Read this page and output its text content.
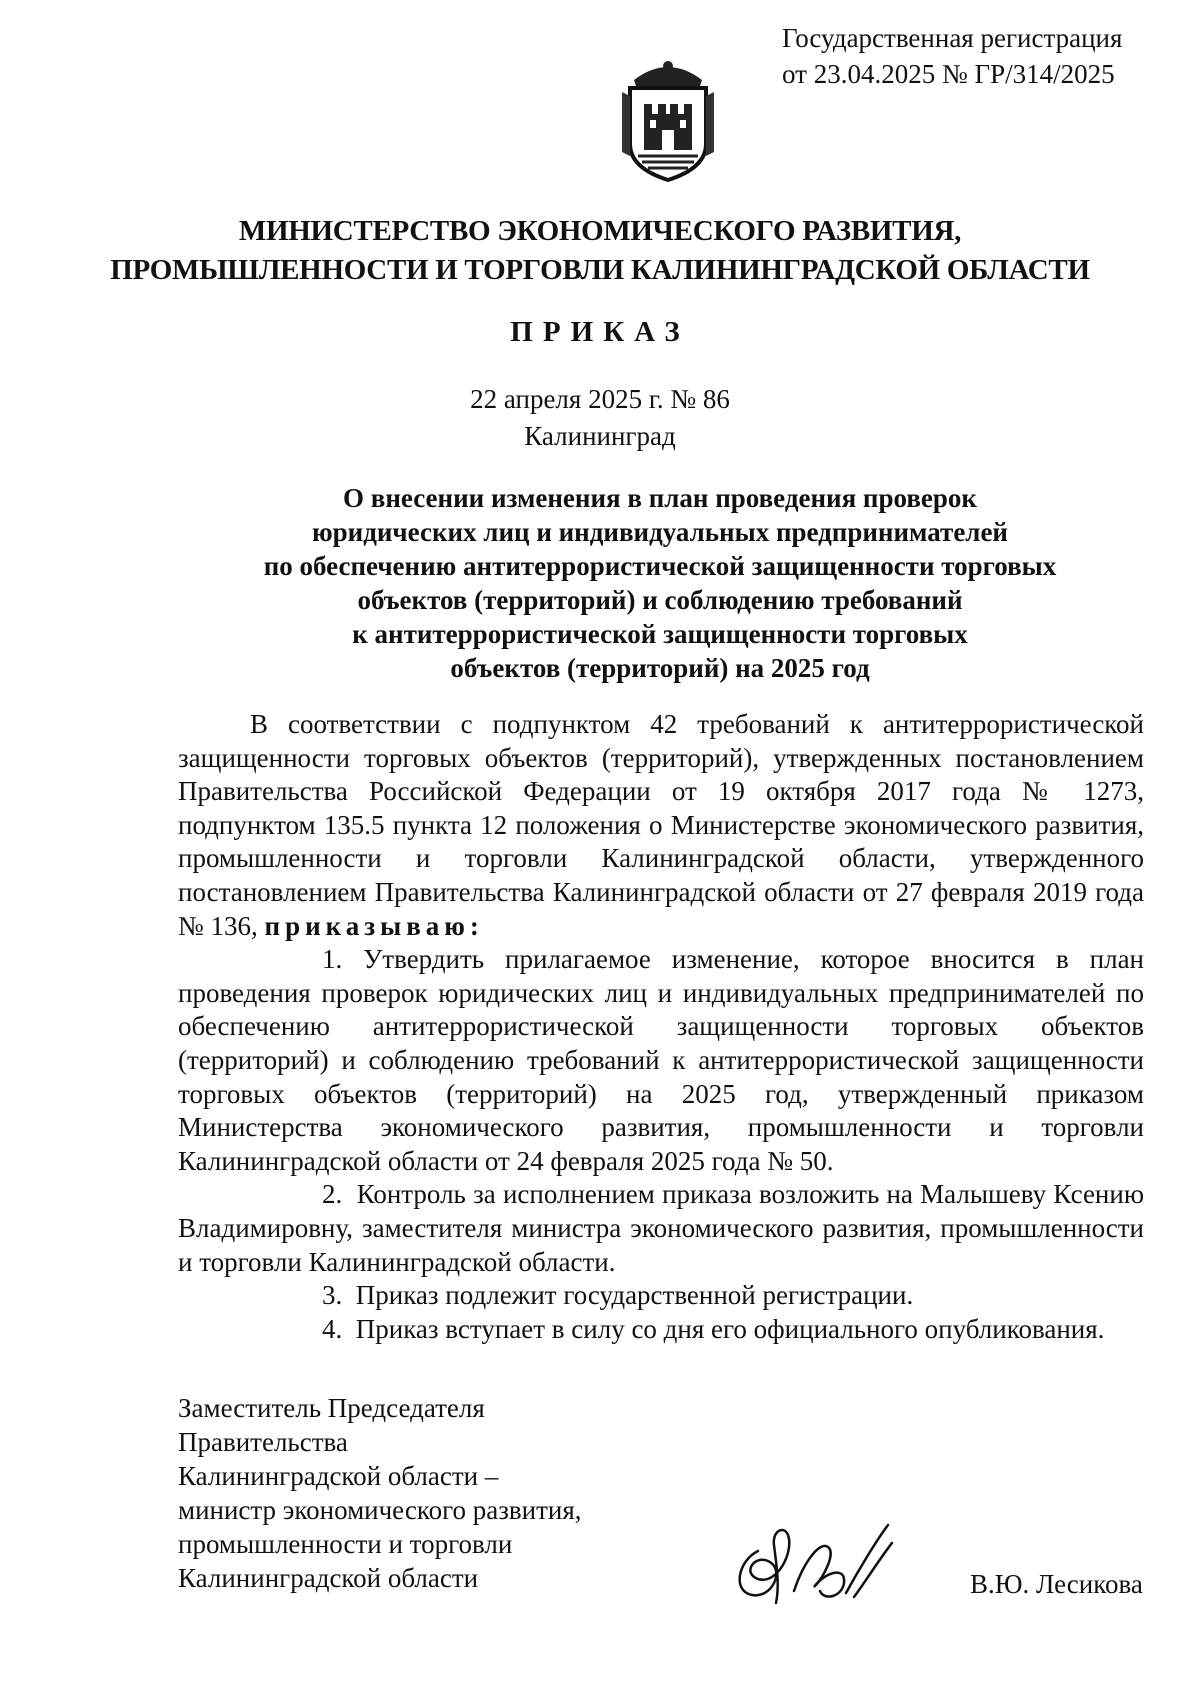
Государственная регистрация
от 23.04.2025 № ГР/314/2025
МИНИСТЕРСТВО ЭКОНОМИЧЕСКОГО РАЗВИТИЯ,
ПРОМЫШЛЕННОСТИ И ТОРГОВЛИ КАЛИНИНГРАДСКОЙ ОБЛАСТИ
ПРИКАЗ
22 апреля 2025 г. № 86
Калининград
О внесении изменения в план проведения проверок
юридических лиц и индивидуальных предпринимателей
по обеспечению антитеррористической защищенности торговых
объектов (территорий) и соблюдению требований
к антитеррористической защищенности торговых
объектов (территорий) на 2025 год

В соответствии с подпунктом 42 требований к антитеррористической защищенности торговых объектов (территорий), утвержденных постановлением Правительства Российской Федерации от 19 октября 2017 года № 1273, подпунктом 135.5 пункта 12 положения о Министерстве экономического развития, промышленности и торговли Калининградской области, утвержденного постановлением Правительства Калининградской области от 27 февраля 2019 года № 136, приказываю:

1. Утвердить прилагаемое изменение, которое вносится в план проведения проверок юридических лиц и индивидуальных предпринимателей по обеспечению антитеррористической защищенности торговых объектов (территорий) и соблюдению требований к антитеррористической защищенности торговых объектов (территорий) на 2025 год, утвержденный приказом Министерства экономического развития, промышленности и торговли Калининградской области от 24 февраля 2025 года № 50.

2. Контроль за исполнением приказа возложить на Малышеву Ксению Владимировну, заместителя министра экономического развития, промышленности и торговли Калининградской области.

3. Приказ подлежит государственной регистрации.

4. Приказ вступает в силу со дня его официального опубликования.

Заместитель Председателя
Правительства
Калининградской области –
министр экономического развития,
промышленности и торговли
Калининградской области	В.Ю. Лесикова
